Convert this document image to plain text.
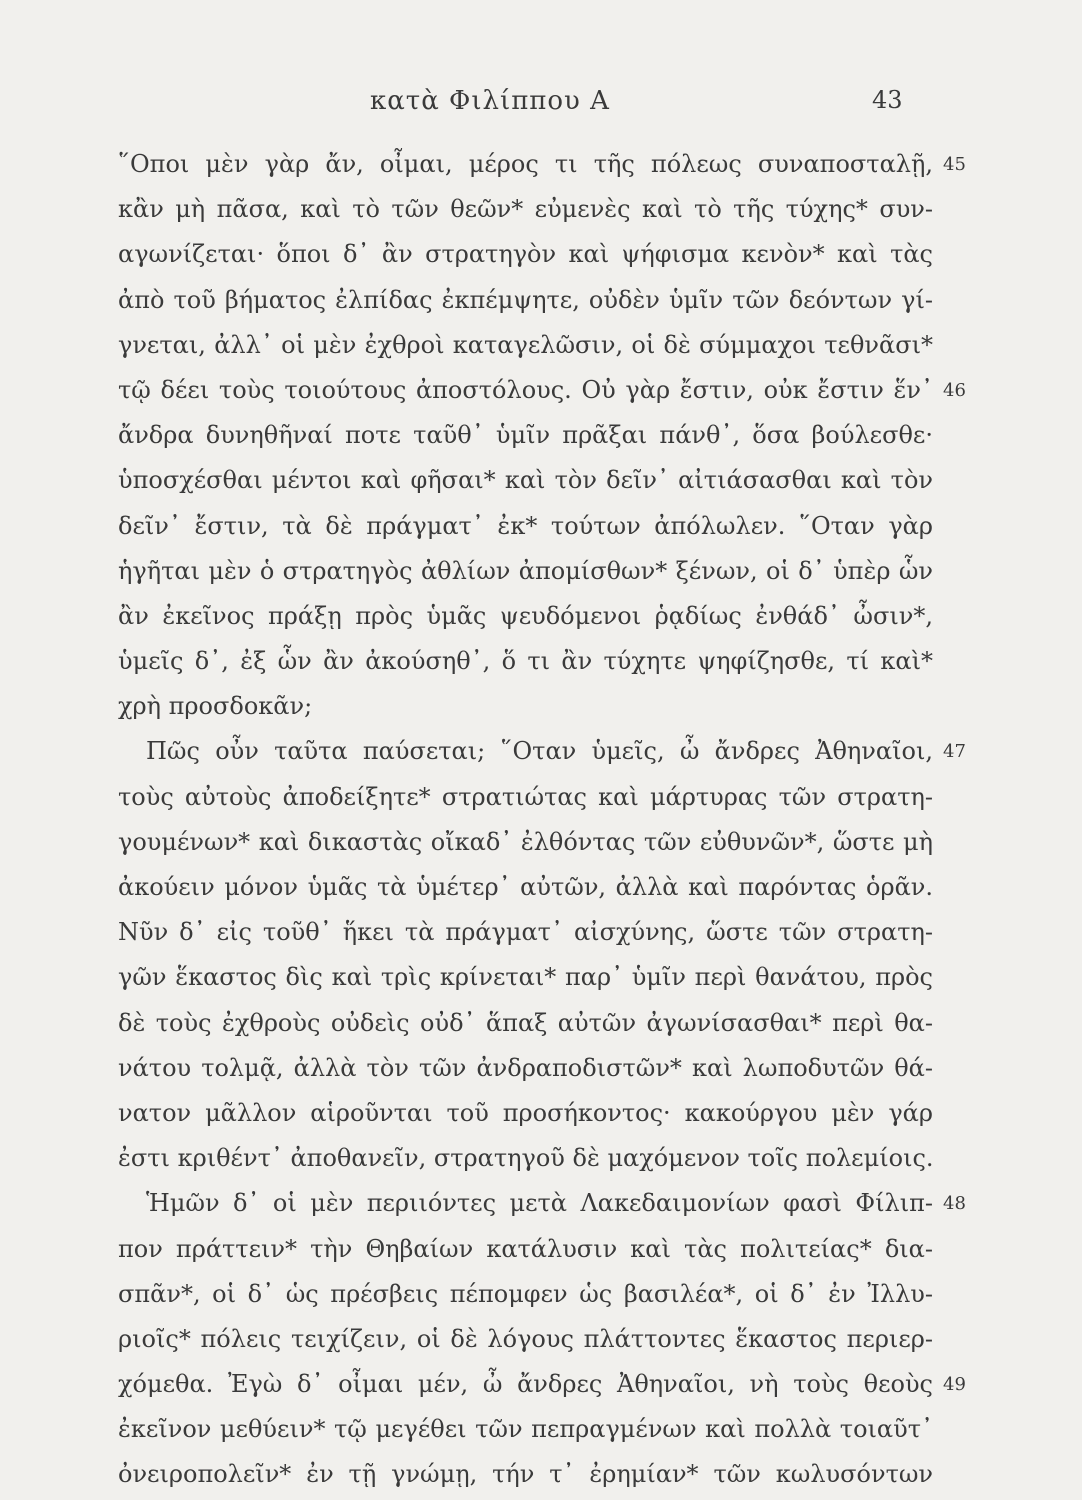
κατὰ Φιλίππου Α	43
῞Οποι μὲν γὰρ ἄν, οἶμαι, μέρος τι τῆς πόλεως συναποσταλῇ, 45
κἂν μὴ πᾶσα, καὶ τὸ τῶν θεῶν* εὐμενὲς καὶ τὸ τῆς τύχης* συν-
αγωνίζεται· ὅποι δ᾽ ἂν στρατηγὸν καὶ ψήφισμα κενὸν* καὶ τὰς
ἀπὸ τοῦ βήματος ἐλπίδας ἐκπέμψητε, οὐδὲν ὑμῖν τῶν δεόντων γί-
γνεται, ἀλλ᾽ οἱ μὲν ἐχθροὶ καταγελῶσιν, οἱ δὲ σύμμαχοι τεθνᾶσι*
τῷ δέει τοὺς τοιούτους ἀποστόλους. Οὐ γὰρ ἔστιν, οὐκ ἔστιν ἕν᾽ 46
ἄνδρα δυνηθῆναί ποτε ταῦθ᾽ ὑμῖν πρᾶξαι πάνθ᾽, ὅσα βούλεσθε·
ὑποσχέσθαι μέντοι καὶ φῆσαι* καὶ τὸν δεῖν᾽ αἰτιάσασθαι καὶ τὸν
δεῖν᾽ ἔστιν, τὰ δὲ πράγματ᾽ ἐκ* τούτων ἀπόλωλεν. ῞Οταν γὰρ
ἡγῆται μὲν ὁ στρατηγὸς ἀθλίων ἀπομίσθων* ξένων, οἱ δ᾽ ὑπὲρ ὧν
ἂν ἐκεῖνος πράξῃ πρὸς ὑμᾶς ψευδόμενοι ῥᾳδίως ἐνθάδ᾽ ὦσιν*,
ὑμεῖς δ᾽, ἐξ ὧν ἂν ἀκούσηθ᾽, ὅ τι ἂν τύχητε ψηφίζησθε, τί καὶ*
χρὴ προσδοκᾶν;
Πῶς οὖν ταῦτα παύσεται; ῞Οταν ὑμεῖς, ὦ ἄνδρες Ἀθηναῖοι, 47
τοὺς αὐτοὺς ἀποδείξητε* στρατιώτας καὶ μάρτυρας τῶν στρατη-
γουμένων* καὶ δικαστὰς οἴκαδ᾽ ἐλθόντας τῶν εὐθυνῶν*, ὥστε μὴ
ἀκούειν μόνον ὑμᾶς τὰ ὑμέτερ᾽ αὐτῶν, ἀλλὰ καὶ παρόντας ὁρᾶν.
Νῦν δ᾽ εἰς τοῦθ᾽ ἥκει τὰ πράγματ᾽ αἰσχύνης, ὥστε τῶν στρατη-
γῶν ἕκαστος δὶς καὶ τρὶς κρίνεται* παρ᾽ ὑμῖν περὶ θανάτου, πρὸς
δὲ τοὺς ἐχθροὺς οὐδεὶς οὐδ᾽ ἅπαξ αὐτῶν ἀγωνίσασθαι* περὶ θα-
νάτου τολμᾷ, ἀλλὰ τὸν τῶν ἀνδραποδιστῶν* καὶ λωποδυτῶν θά-
νατον μᾶλλον αἱροῦνται τοῦ προσήκοντος· κακούργου μὲν γάρ
ἐστι κριθέντ᾽ ἀποθανεῖν, στρατηγοῦ δὲ μαχόμενον τοῖς πολεμίοις.
Ἡμῶν δ᾽ οἱ μὲν περιιόντες μετὰ Λακεδαιμονίων φασὶ Φίλιπ- 48
πον πράττειν* τὴν Θηβαίων κατάλυσιν καὶ τὰς πολιτείας* δια-
σπᾶν*, οἱ δ᾽ ὡς πρέσβεις πέπομφεν ὡς βασιλέα*, οἱ δ᾽ ἐν Ἰλλυ-
ριοῖς* πόλεις τειχίζειν, οἱ δὲ λόγους πλάττοντες ἕκαστος περιερ-
χόμεθα. Ἐγὼ δ᾽ οἶμαι μέν, ὦ ἄνδρες Ἀθηναῖοι, νὴ τοὺς θεοὺς 49
ἐκεῖνον μεθύειν* τῷ μεγέθει τῶν πεπραγμένων καὶ πολλὰ τοιαῦτ᾽
ὀνειροπολεῖν* ἐν τῇ γνώμῃ, τήν τ᾽ ἐρημίαν* τῶν κωλυσόντων
